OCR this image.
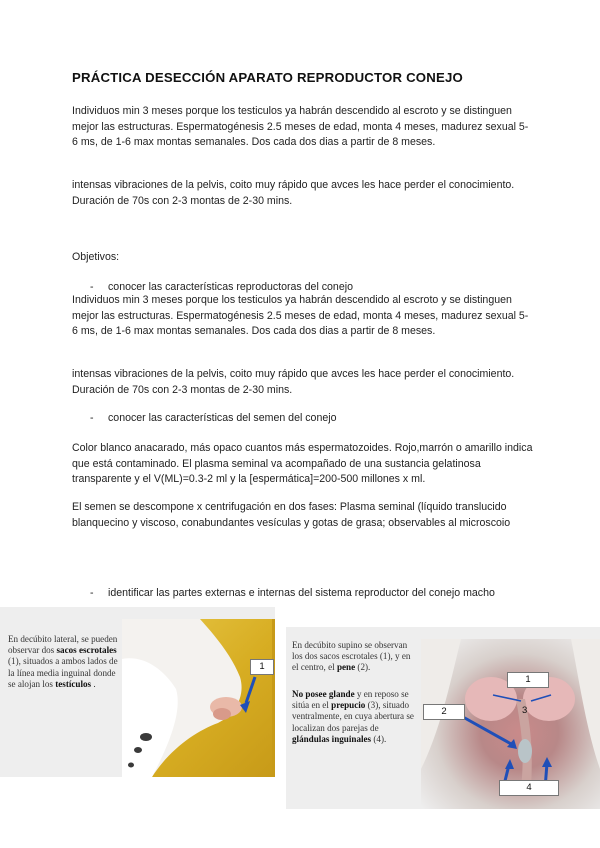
PRÁCTICA DESECCIÓN APARATO REPRODUCTOR CONEJO
Individuos min 3 meses porque los testiculos ya habrán descendido al escroto y se distinguen mejor las estructuras. Espermatogénesis 2.5 meses de edad, monta 4 meses, madurez sexual 5-6 ms, de 1-6 max montas semanales. Dos cada dos dias a partir de 8 meses.
intensas vibraciones de la pelvis, coito muy rápido que avces les hace perder el conocimiento. Duración de 70s con 2-3 montas de 2-30 mins.
Objetivos:
- conocer las características reproductoras del conejo
Individuos min 3 meses porque los testiculos ya habrán descendido al escroto y se distinguen mejor las estructuras. Espermatogénesis 2.5 meses de edad, monta 4 meses, madurez sexual 5-6 ms, de 1-6 max montas semanales. Dos cada dos dias a partir de 8 meses.
intensas vibraciones de la pelvis, coito muy rápido que avces les hace perder el conocimiento. Duración de 70s con 2-3 montas de 2-30 mins.
- conocer las características del semen del conejo
Color blanco anacarado, más opaco cuantos más espermatozoides. Rojo,marrón o amarillo indica que está contaminado. El plasma seminal va acompañado de una sustancia gelatinosa transparente y el V(ML)=0.3-2 ml y la [espermática]=200-500 millones x ml.
El semen se descompone x centrifugación en dos fases: Plasma seminal (líquido translucido blanquecino y viscoso, conabundantes vesículas y gotas de grasa; observables al microscoio
- identificar las partes externas e internas del sistema reproductor del conejo macho
En decúbito lateral, se pueden observar dos sacos escrotales (1), situados a ambos lados de la línea media inguinal donde se alojan los testículos .
1
En decúbito supino se observan los dos sacos escrotales (1), y en el centro, el pene (2).
No posee glande y en reposo se sitúa en el prepucio (3), situado ventralmente, en cuya abertura se localizan dos parejas de glándulas inguinales (4).
1
2	3
4
